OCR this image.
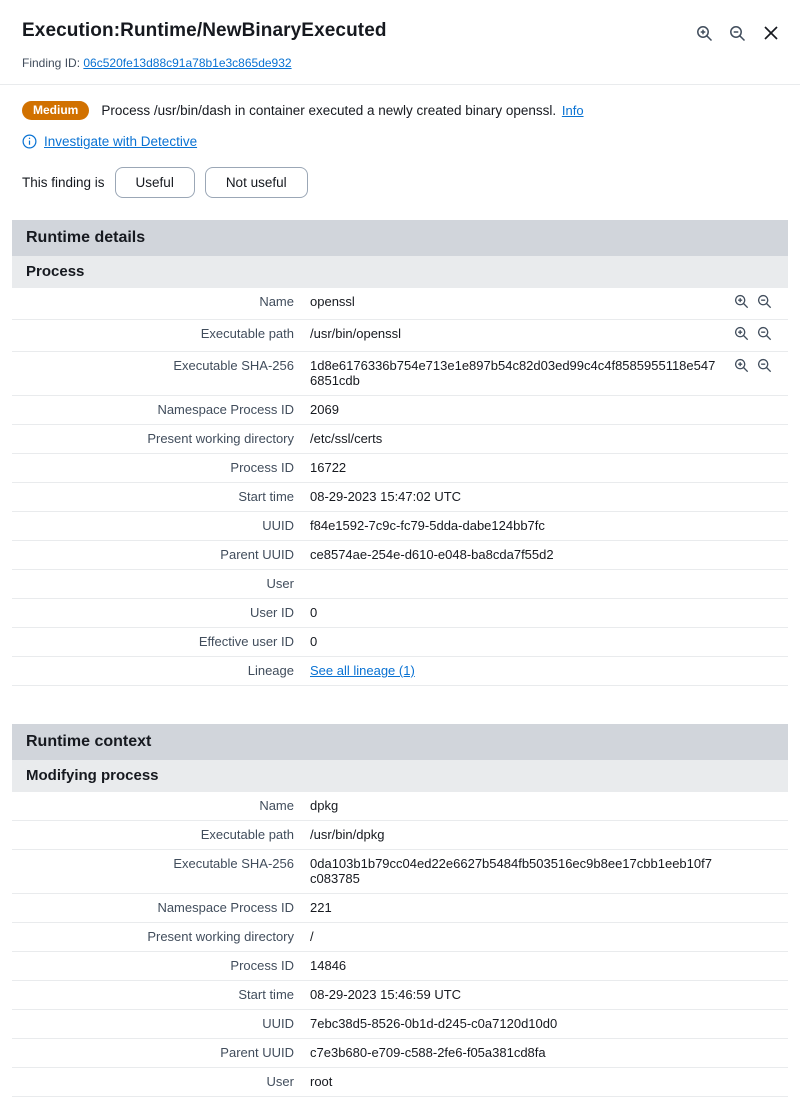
Execution:Runtime/NewBinaryExecuted
Finding ID: 06c520fe13d88c91a78b1e3c865de932
Medium	Process /usr/bin/dash in container executed a newly created binary openssl. Info
Investigate with Detective
This finding is	Useful	Not useful
Runtime details
Process
Name	openssl	
Executable path	/usr/bin/openssl	
Executable SHA-256	1d8e6176336b754e713e1e897b54c82d03ed99c4c4f8585955118e5476851cdb	
Namespace Process ID	2069	
Present working directory	/etc/ssl/certs	
Process ID	16722	
Start time	08-29-2023 15:47:02 UTC	
UUID	f84e1592-7c9c-fc79-5dda-dabe124bb7fc	
Parent UUID	ce8574ae-254e-d610-e048-ba8cda7f55d2	
User		
User ID	0	
Effective user ID	0	
Lineage	See all lineage (1)	
Runtime context
Modifying process
Name	dpkg	
Executable path	/usr/bin/dpkg	
Executable SHA-256	0da103b1b79cc04ed22e6627b5484fb503516ec9b8ee17cbb1eeb10f7c083785	
Namespace Process ID	221	
Present working directory	/	
Process ID	14846	
Start time	08-29-2023 15:46:59 UTC	
UUID	7ebc38d5-8526-0b1d-d245-c0a7120d10d0	
Parent UUID	c7e3b680-e709-c588-2fe6-f05a381cd8fa	
User	root	
